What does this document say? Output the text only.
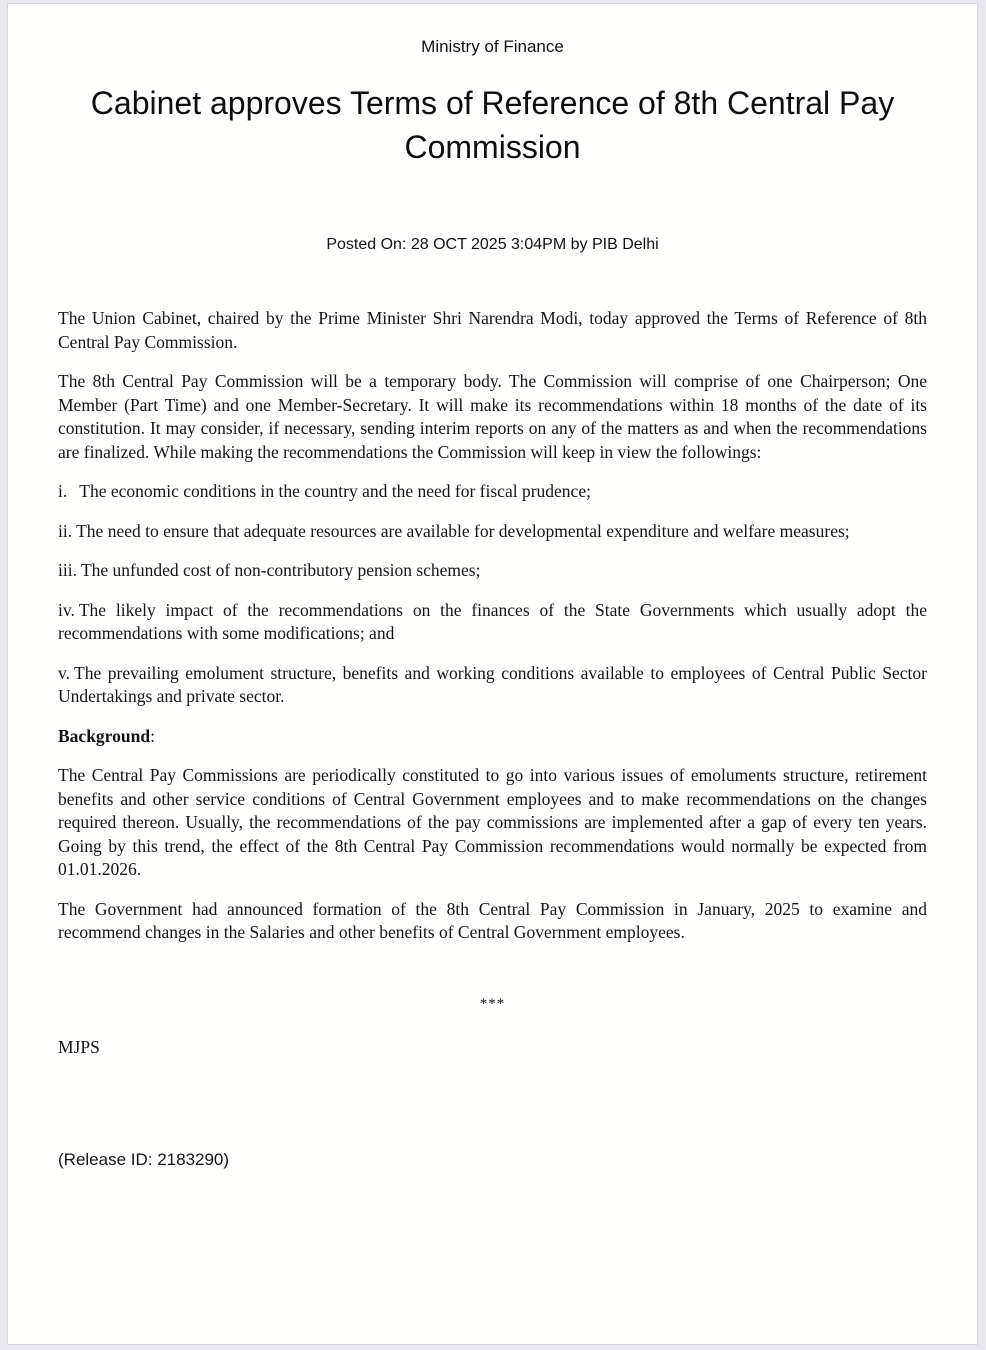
Ministry of Finance
Cabinet approves Terms of Reference of 8th Central Pay Commission
Posted On: 28 OCT 2025 3:04PM by PIB Delhi

The Union Cabinet, chaired by the Prime Minister Shri Narendra Modi, today approved the Terms of Reference of 8th Central Pay Commission.

The 8th Central Pay Commission will be a temporary body. The Commission will comprise of one Chairperson; One Member (Part Time) and one Member-Secretary. It will make its recommendations within 18 months of the date of its constitution. It may consider, if necessary, sending interim reports on any of the matters as and when the recommendations are finalized. While making the recommendations the Commission will keep in view the followings:

i. The economic conditions in the country and the need for fiscal prudence;

ii. The need to ensure that adequate resources are available for developmental expenditure and welfare measures;

iii. The unfunded cost of non-contributory pension schemes;

iv. The likely impact of the recommendations on the finances of the State Governments which usually adopt the recommendations with some modifications; and

v. The prevailing emolument structure, benefits and working conditions available to employees of Central Public Sector Undertakings and private sector.

Background:

The Central Pay Commissions are periodically constituted to go into various issues of emoluments structure, retirement benefits and other service conditions of Central Government employees and to make recommendations on the changes required thereon. Usually, the recommendations of the pay commissions are implemented after a gap of every ten years. Going by this trend, the effect of the 8th Central Pay Commission recommendations would normally be expected from 01.01.2026.

The Government had announced formation of the 8th Central Pay Commission in January, 2025 to examine and recommend changes in the Salaries and other benefits of Central Government employees.

***
MJPS
(Release ID: 2183290)
